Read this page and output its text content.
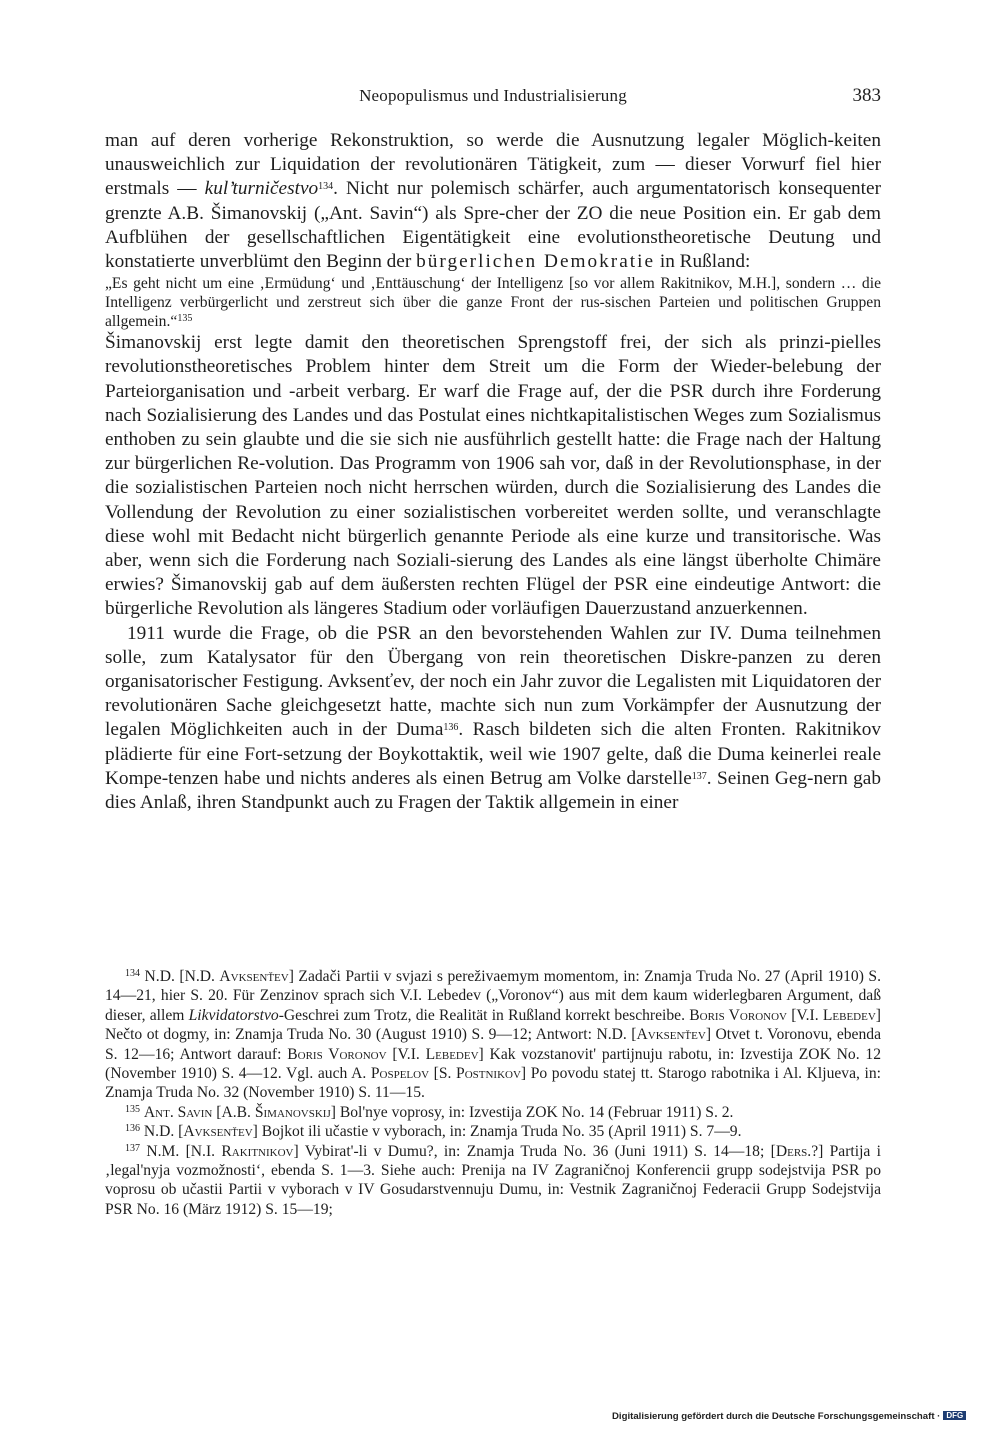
Neopopulismus und Industrialisierung	383

man auf deren vorherige Rekonstruktion, so werde die Ausnutzung legaler Möglich-keiten unausweichlich zur Liquidation der revolutionären Tätigkeit, zum — dieser Vorwurf fiel hier erstmals — kul’turničestvo$^{134}$. Nicht nur polemisch schärfer, auch argumentatorisch konsequenter grenzte A.B. Šimanovskij („Ant. Savin“) als Spre-cher der ZO die neue Position ein. Er gab dem Aufblühen der gesellschaftlichen Eigentätigkeit eine evolutionstheoretische Deutung und konstatierte unverblümt den Beginn der bürgerlichen Demokratie in Rußland:

„Es geht nicht um eine ‚Ermüdung‘ und ‚Enttäuschung‘ der Intelligenz [so vor allem Rakitnikov, M.H.], sondern … die Intelligenz verbürgerlicht und zerstreut sich über die ganze Front der rus-sischen Parteien und politischen Gruppen allgemein.“$^{135}$

Šimanovskij erst legte damit den theoretischen Sprengstoff frei, der sich als prinzi-pielles revolutionstheoretisches Problem hinter dem Streit um die Form der Wieder-belebung der Parteiorganisation und -arbeit verbarg. Er warf die Frage auf, der die PSR durch ihre Forderung nach Sozialisierung des Landes und das Postulat eines nichtkapitalistischen Weges zum Sozialismus enthoben zu sein glaubte und die sie sich nie ausführlich gestellt hatte: die Frage nach der Haltung zur bürgerlichen Re-volution. Das Programm von 1906 sah vor, daß in der Revolutionsphase, in der die sozialistischen Parteien noch nicht herrschen würden, durch die Sozialisierung des Landes die Vollendung der Revolution zu einer sozialistischen vorbereitet werden sollte, und veranschlagte diese wohl mit Bedacht nicht bürgerlich genannte Periode als eine kurze und transitorische. Was aber, wenn sich die Forderung nach Soziali-sierung des Landes als eine längst überholte Chimäre erwies? Šimanovskij gab auf dem äußersten rechten Flügel der PSR eine eindeutige Antwort: die bürgerliche Revolution als längeres Stadium oder vorläufigen Dauerzustand anzuerkennen.

1911 wurde die Frage, ob die PSR an den bevorstehenden Wahlen zur IV. Duma teilnehmen solle, zum Katalysator für den Übergang von rein theoretischen Diskre-panzen zu deren organisatorischer Festigung. Avksenťev, der noch ein Jahr zuvor die Legalisten mit Liquidatoren der revolutionären Sache gleichgesetzt hatte, machte sich nun zum Vorkämpfer der Ausnutzung der legalen Möglichkeiten auch in der Duma$^{136}$. Rasch bildeten sich die alten Fronten. Rakitnikov plädierte für eine Fort-setzung der Boykottaktik, weil wie 1907 gelte, daß die Duma keinerlei reale Kompe-tenzen habe und nichts anderes als einen Betrug am Volke darstelle$^{137}$. Seinen Geg-nern gab dies Anlaß, ihren Standpunkt auch zu Fragen der Taktik allgemein in einer

$^{134}$ N.D. [N.D. Avksenťev] Zadači Partii v svjazi s pereživaemym momentom, in: Znamja Truda No. 27 (April 1910) S. 14—21, hier S. 20. Für Zenzinov sprach sich V.I. Lebedev („Voronov“) aus mit dem kaum widerlegbaren Argument, daß dieser, allem Likvidatorstvo-Geschrei zum Trotz, die Realität in Rußland korrekt beschreibe. Boris Voronov [V.I. Lebedev] Nečto ot dogmy, in: Znamja Truda No. 30 (August 1910) S. 9—12; Antwort: N.D. [Avksenťev] Otvet t. Voronovu, ebenda S. 12—16; Antwort darauf: Boris Voronov [V.I. Lebedev] Kak vozstanovit' partijnuju rabotu, in: Izvestija ZOK No. 12 (November 1910) S. 4—12. Vgl. auch A. Pospelov [S. Postnikov] Po povodu statej tt. Starogo rabotnika i Al. Kljueva, in: Znamja Truda No. 32 (November 1910) S. 11—15.

$^{135}$ Ant. Savin [A.B. Šimanovskij] Bol'nye voprosy, in: Izvestija ZOK No. 14 (Februar 1911) S. 2.

$^{136}$ N.D. [Avksenťev] Bojkot ili učastie v vyborach, in: Znamja Truda No. 35 (April 1911) S. 7—9.

$^{137}$ N.M. [N.I. Rakitnikov] Vybirat'-li v Dumu?, in: Znamja Truda No. 36 (Juni 1911) S. 14—18; [Ders.?] Partija i ‚legal'nyja vozmožnosti‘, ebenda S. 1—3. Siehe auch: Prenija na IV Zagraničnoj Konferencii grupp sodejstvija PSR po voprosu ob učastii Partii v vyborach v IV Gosudarstvennuju Dumu, in: Vestnik Zagraničnoj Federacii Grupp Sodejstvija PSR No. 16 (März 1912) S. 15—19;

Digitalisierung gefördert durch die Deutsche Forschungsgemeinschaft · DFG
